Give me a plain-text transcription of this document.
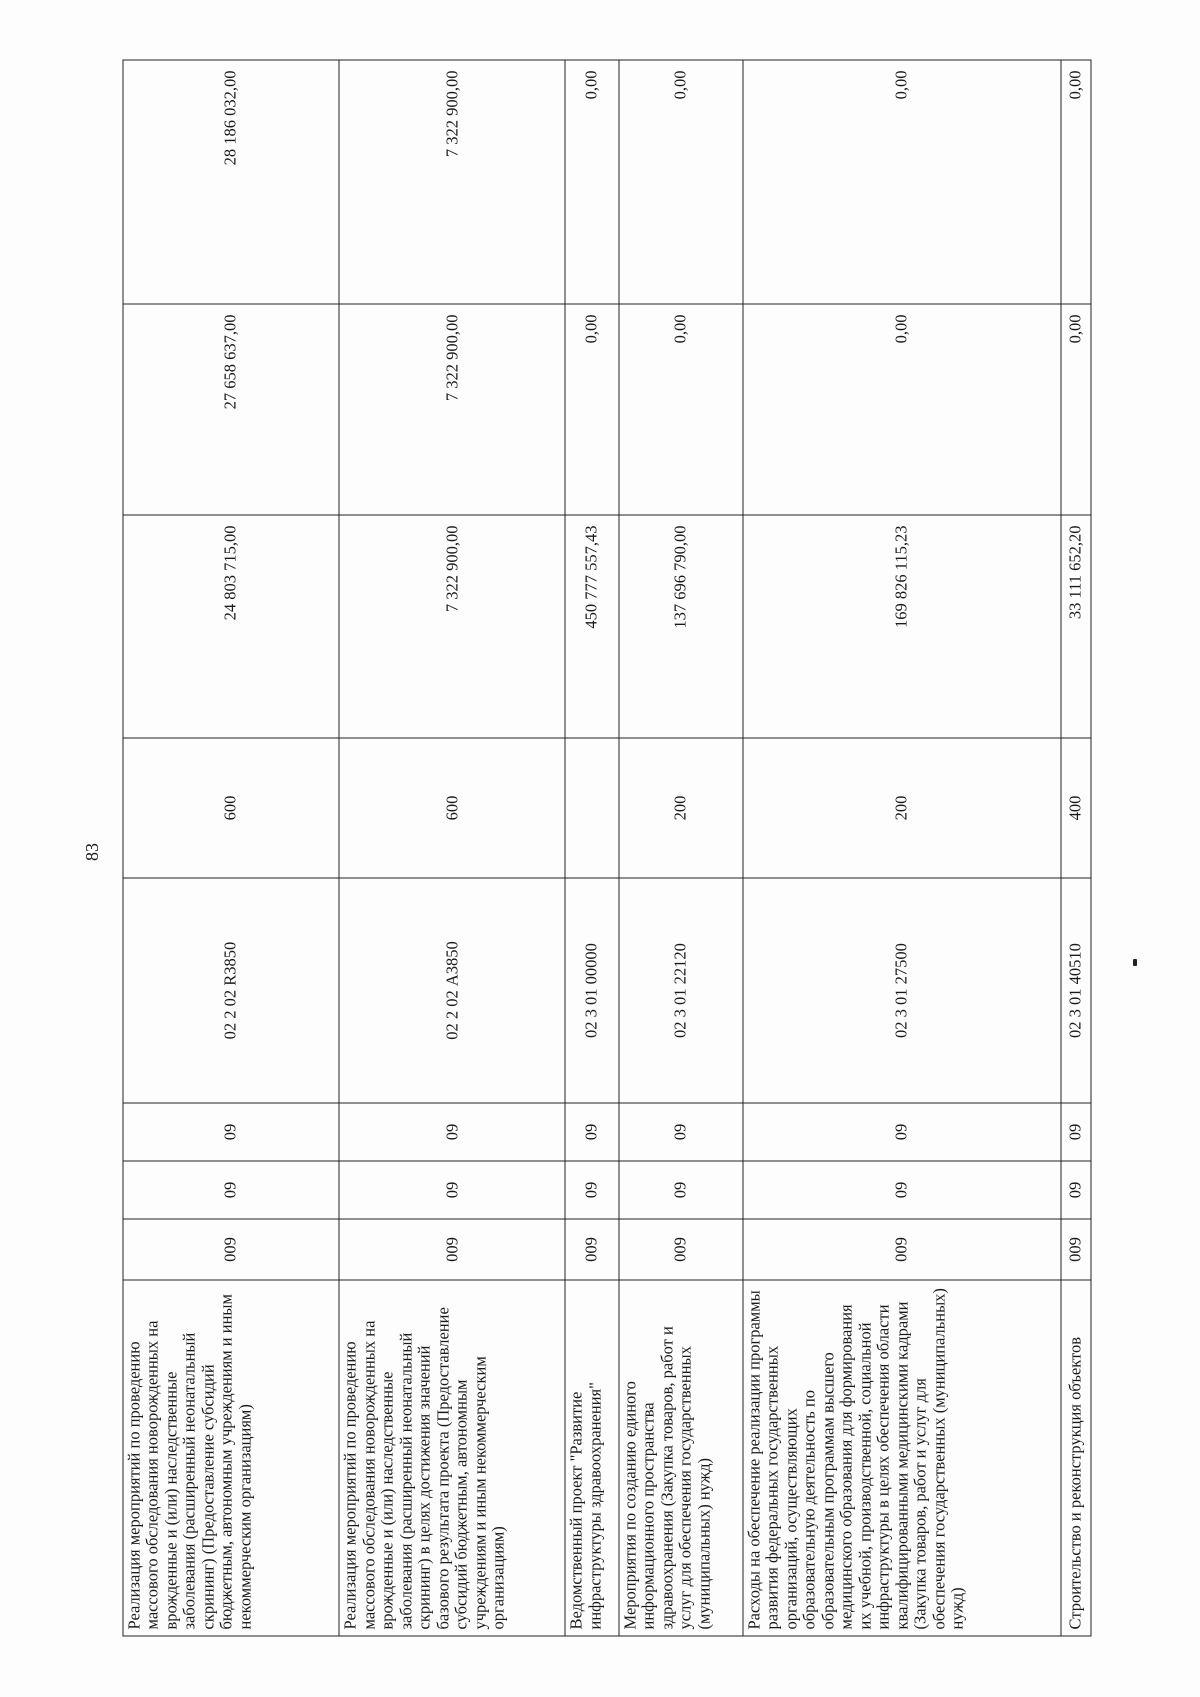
83
Реализация мероприятий по проведению массового обследования новорожденных на врожденные и (или) наследственные заболевания (расширенный неонатальный скрининг) (Предоставление субсидий бюджетным, автономным учреждениям и иным некоммерческим организациям)	009	09	09	02 2 02 R3850	600	24 803 715,00	27 658 637,00	28 186 032,00
Реализация мероприятий по проведению массового обследования новорожденных на врожденные и (или) наследственные заболевания (расширенный неонатальный скрининг) в целях достижения значений базового результата проекта (Предоставление субсидий бюджетным, автономным учреждениям и иным некоммерческим организациям)	009	09	09	02 2 02 А3850	600	7 322 900,00	7 322 900,00	7 322 900,00
Ведомственный проект "Развитие инфраструктуры здравоохранения"	009	09	09	02 3 01 00000		450 777 557,43	0,00	0,00
Мероприятия по созданию единого информационного пространства здравоохранения (Закупка товаров, работ и услуг для обеспечения государственных (муниципальных) нужд)	009	09	09	02 3 01 22120	200	137 696 790,00	0,00	0,00
Расходы на обеспечение реализации программы развития федеральных государственных организаций, осуществляющих образовательную деятельность по образовательным программам высшего медицинского образования для формирования их учебной, производственной, социальной инфраструктуры в целях обеспечения области квалифицированными медицинскими кадрами (Закупка товаров, работ и услуг для обеспечения государственных (муниципальных) нужд)	009	09	09	02 3 01 27500	200	169 826 115,23	0,00	0,00
Строительство и реконструкция объектов	009	09	09	02 3 01 40510	400	33 111 652,20	0,00	0,00
